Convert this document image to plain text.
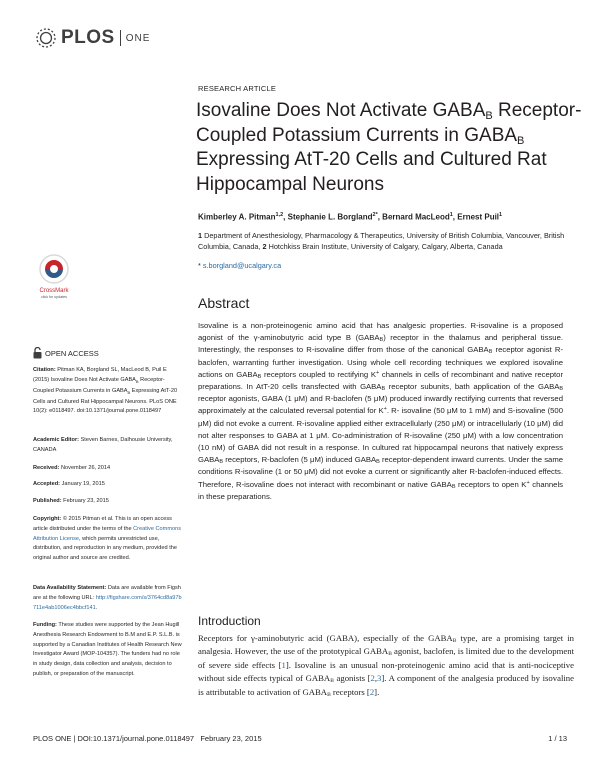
PLOS ONE
RESEARCH ARTICLE
Isovaline Does Not Activate $GABA_B$ Receptor-Coupled Potassium Currents in $GABA_B$ Expressing AtT-20 Cells and Cultured Rat Hippocampal Neurons
Kimberley A. Pitman$^{1,2}$, Stephanie L. Borgland$^{2*}$, Bernard MacLeod$^1$, Ernest Puil$^1$
1 Department of Anesthesiology, Pharmacology & Therapeutics, University of British Columbia, Vancouver, British Columbia, Canada, 2 Hotchkiss Brain Institute, University of Calgary, Calgary, Alberta, Canada
* s.borgland@ucalgary.ca
CrossMark
click for updates	Abstract
Isovaline is a non-proteinogenic amino acid that has analgesic properties. R-isovaline is a proposed agonist of the γ-aminobutyric acid type B $(GABA_B)$ receptor in the thalamus and peripheral tissue. Interestingly, the responses to R-isovaline differ from those of the canonical $GABA_B$ receptor agonist R-baclofen, warranting further investigation. Using whole cell recording techniques we explored isovaline actions on $GABA_B$ receptors coupled to rectifying K+ channels in cells of recombinant and native receptor preparations. In AtT-20 cells transfected with $GABA_B$ receptor subunits, bath application of the $GABA_B$ receptor agonists, GABA (1 μM) and R-baclofen (5 μM) produced inwardly rectifying currents that reversed approximately at the calculated reversal potential for K+. R- isovaline (50 μM to 1 mM) and S-isovaline (500 μM) did not evoke a current. R-isovaline applied either extracellularly (250 μM) or intracellularly (10 μM) did not alter responses to GABA at 1 μM. Co-administration of R-isovaline (250 μM) with a low concentration (10 nM) of GABA did not result in a response. In cultured rat hippocampal neurons that natively express $GABA_B$ receptors, R-baclofen (5 μM) induced $GABA_B$ receptor-dependent inward currents. Under the same conditions R-isovaline (1 or 50 μM) did not evoke a current or significantly alter R-baclofen-induced effects. Therefore, R-isovaline does not interact with recombinant or native $GABA_B$ receptors to open K+ channels in these preparations.
OPEN ACCESS
Citation: Pitman KA, Borgland SL, MacLeod B, Puil E (2015) Isovaline Does Not Activate $GABA_B$ Receptor-Coupled Potassium Currents in $GABA_B$ Expressing AtT-20 Cells and Cultured Rat Hippocampal Neurons. PLoS ONE 10(2): e0118497. doi:10.1371/journal.pone.0118497
Academic Editor: Steven Barnes, Dalhousie University, CANADA
Received: November 26, 2014
Accepted: January 19, 2015
Published: February 23, 2015
Copyright: © 2015 Pitman et al. This is an open access article distributed under the terms of the Creative Commons Attribution License, which permits unrestricted use, distribution, and reproduction in any medium, provided the original author and source are credited.
Data Availability Statement: Data are available from Figshare at the following URL: http://figshare.com/s/3764cd8a97b711e4ab1006ec4bbcf141.
Funding: These studies were supported by the Jean Hugill Anesthesia Research Endowment to B.M and E.P. S.L.B. is supported by a Canadian Institutes of Health Research New Investigator Award (MOP-104357). The funders had no role in study design, data collection and analysis, decision to publish, or preparation of the manuscript.
Introduction
Receptors for γ-aminobutyric acid (GABA), especially of the $GABA_B$ type, are a promising target in analgesia. However, the use of the prototypical $GABA_B$ agonist, baclofen, is limited due to the development of severe side effects [1]. Isovaline is an unusual non-proteinogenic amino acid that is anti-nociceptive without side effects typical of $GABA_B$ agonists [2,3]. A component of the analgesia produced by isovaline is attributable to activation of $GABA_B$ receptors [2].
PLOS ONE | DOI:10.1371/journal.pone.0118497   February 23, 2015	1 / 13
